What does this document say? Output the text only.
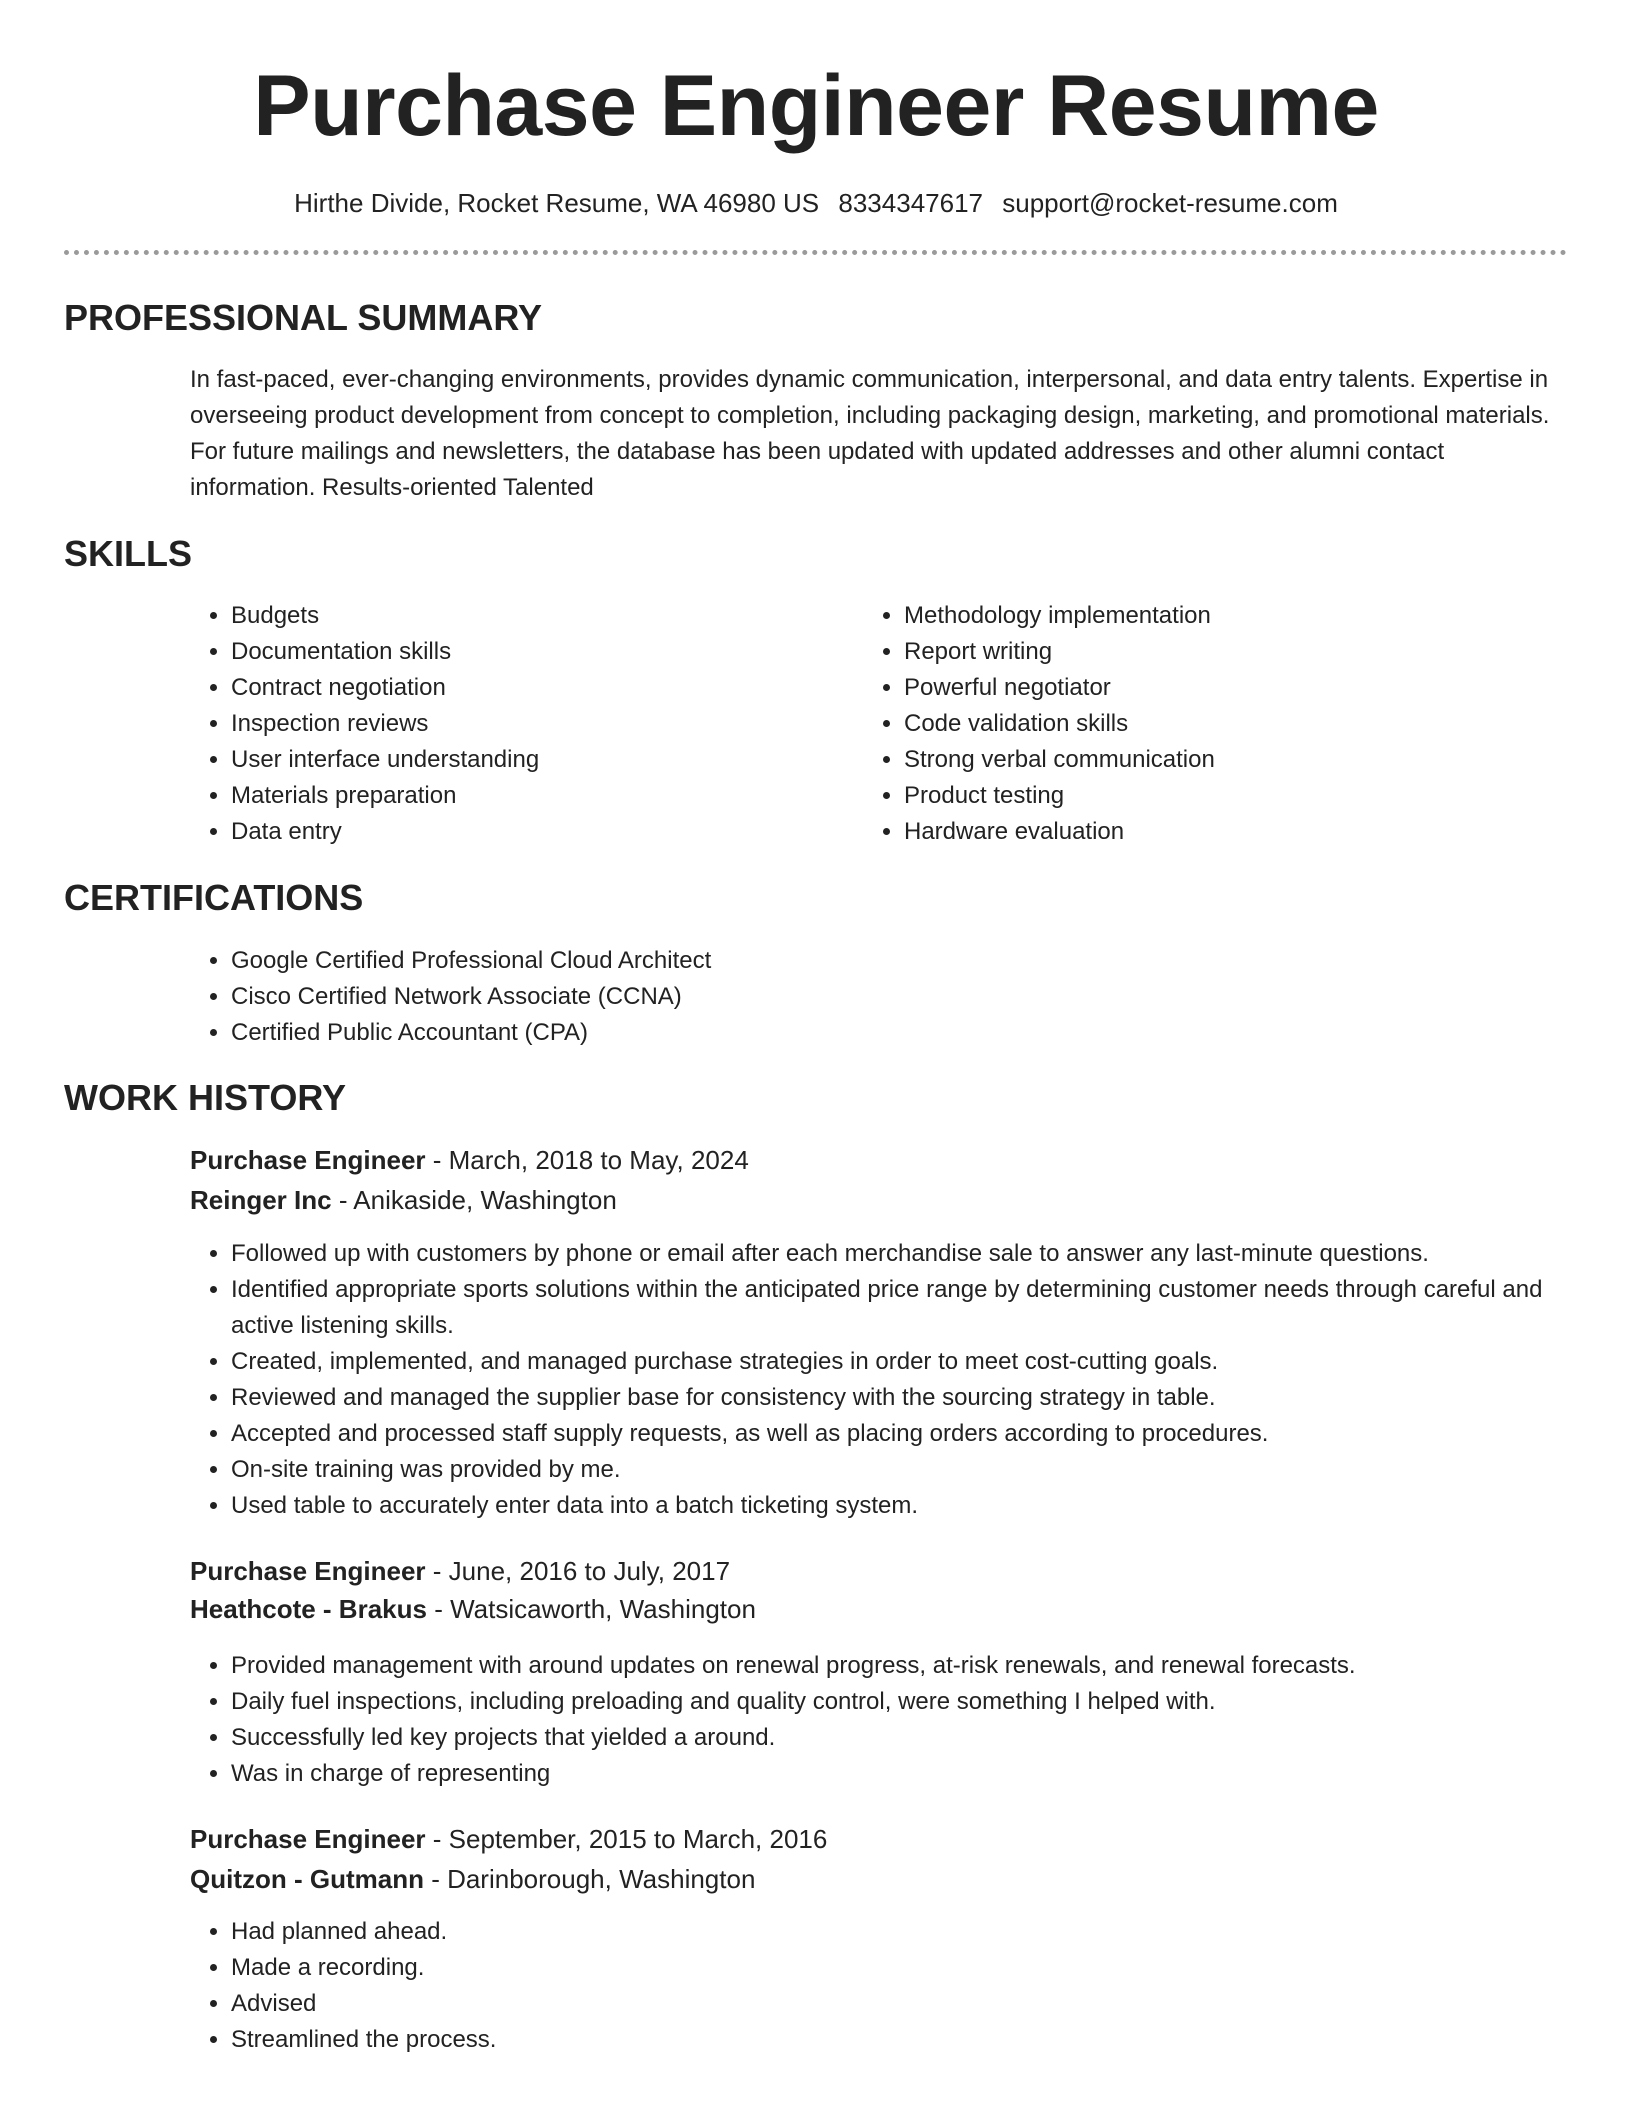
Purchase Engineer Resume
Hirthe Divide, Rocket Resume, WA 46980 US 8334347617 support@rocket-resume.com
PROFESSIONAL SUMMARY

In fast-paced, ever-changing environments, provides dynamic communication, interpersonal, and data entry talents. Expertise in overseeing product development from concept to completion, including packaging design, marketing, and promotional materials. For future mailings and newsletters, the database has been updated with updated addresses and other alumni contact information. Results-oriented Talented

SKILLS
• Budgets
• Documentation skills
• Contract negotiation
• Inspection reviews
• User interface understanding
• Materials preparation
• Data entry
• Methodology implementation
• Report writing
• Powerful negotiator
• Code validation skills
• Strong verbal communication
• Product testing
• Hardware evaluation
CERTIFICATIONS
• Google Certified Professional Cloud Architect
• Cisco Certified Network Associate (CCNA)
• Certified Public Accountant (CPA)
WORK HISTORY
Purchase Engineer - March, 2018 to May, 2024
Reinger Inc - Anikaside, Washington
• Followed up with customers by phone or email after each merchandise sale to answer any last-minute questions.
• Identified appropriate sports solutions within the anticipated price range by determining customer needs through careful and active listening skills.
• Created, implemented, and managed purchase strategies in order to meet cost-cutting goals.
• Reviewed and managed the supplier base for consistency with the sourcing strategy in table.
• Accepted and processed staff supply requests, as well as placing orders according to procedures.
• On-site training was provided by me.
• Used table to accurately enter data into a batch ticketing system.
Purchase Engineer - June, 2016 to July, 2017
Heathcote - Brakus - Watsicaworth, Washington
• Provided management with around updates on renewal progress, at-risk renewals, and renewal forecasts.
• Daily fuel inspections, including preloading and quality control, were something I helped with.
• Successfully led key projects that yielded a around.
• Was in charge of representing
Purchase Engineer - September, 2015 to March, 2016
Quitzon - Gutmann - Darinborough, Washington
• Had planned ahead.
• Made a recording.
• Advised
• Streamlined the process.
